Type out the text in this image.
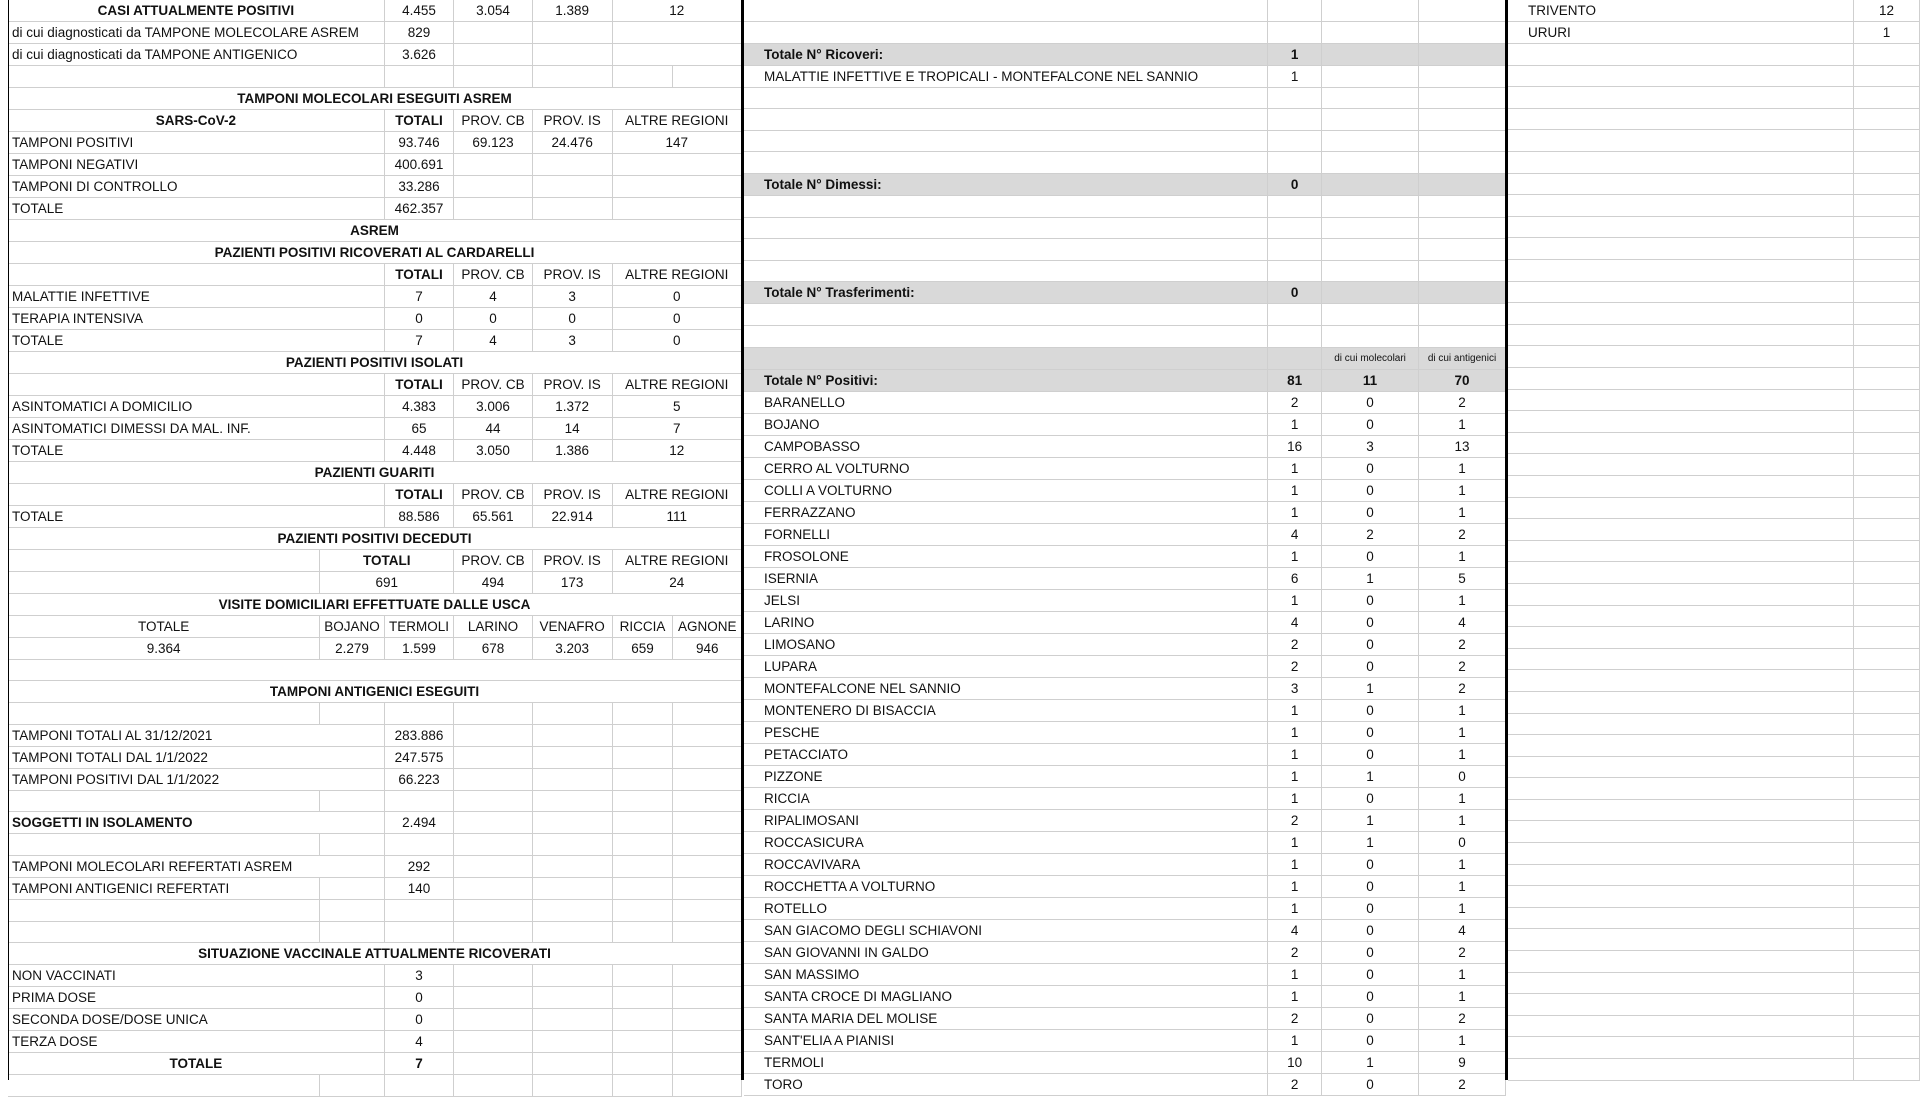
CASI ATTUALMENTE POSITIVI		4.455	3.054	1.389	12	
di cui diagnosticati da TAMPONE MOLECOLARE ASREM		829				
di cui diagnosticati da TAMPONE ANTIGENICO		3.626				

TAMPONI MOLECOLARI ESEGUITI ASREM						
SARS-CoV-2		TOTALI	PROV. CB	PROV. IS	ALTRE REGIONI	
TAMPONI POSITIVI		93.746	69.123	24.476	147	
TAMPONI NEGATIVI		400.691				
TAMPONI DI CONTROLLO		33.286				
TOTALE		462.357				
ASREM						
PAZIENTI POSITIVI RICOVERATI AL CARDARELLI						
		TOTALI	PROV. CB	PROV. IS	ALTRE REGIONI	
MALATTIE INFETTIVE		7	4	3	0	
TERAPIA INTENSIVA		0	0	0	0	
TOTALE		7	4	3	0	
PAZIENTI POSITIVI ISOLATI						
		TOTALI	PROV. CB	PROV. IS	ALTRE REGIONI	
ASINTOMATICI A DOMICILIO		4.383	3.006	1.372	5	
ASINTOMATICI DIMESSI DA MAL. INF.		65	44	14	7	
TOTALE		4.448	3.050	1.386	12	
PAZIENTI GUARITI						
		TOTALI	PROV. CB	PROV. IS	ALTRE REGIONI	
TOTALE		88.586	65.561	22.914	111	
PAZIENTI POSITIVI DECEDUTI						
	TOTALI		PROV. CB	PROV. IS	ALTRE REGIONI	
	691		494	173	24	
VISITE DOMICILIARI EFFETTUATE DALLE USCA						
TOTALE	BOJANO	TERMOLI	LARINO	VENAFRO	RICCIA	AGNONE
9.364	2.279	1.599	678	3.203	659	946

TAMPONI ANTIGENICI ESEGUITI						

TAMPONI TOTALI AL 31/12/2021		283.886				
TAMPONI TOTALI DAL 1/1/2022		247.575				
TAMPONI POSITIVI DAL 1/1/2022		66.223				

SOGGETTI IN ISOLAMENTO		2.494				

TAMPONI MOLECOLARI REFERTATI ASREM		292				
TAMPONI ANTIGENICI REFERTATI		140				

SITUAZIONE VACCINALE ATTUALMENTE RICOVERATI						
NON VACCINATI		3				
PRIMA DOSE		0				
SECONDA DOSE/DOSE UNICA		0				
TERZA DOSE		4				
TOTALE		7				

Totale N° Ricoveri:	1		
MALATTIE INFETTIVE E TROPICALI - MONTEFALCONE NEL SANNIO	1		

Totale N° Dimessi:	0		

Totale N° Trasferimenti:	0		

		di cui molecolari	di cui antigenici
Totale N° Positivi:	81	11	70
BARANELLO	2	0	2
BOJANO	1	0	1
CAMPOBASSO	16	3	13
CERRO AL VOLTURNO	1	0	1
COLLI A VOLTURNO	1	0	1
FERRAZZANO	1	0	1
FORNELLI	4	2	2
FROSOLONE	1	0	1
ISERNIA	6	1	5
JELSI	1	0	1
LARINO	4	0	4
LIMOSANO	2	0	2
LUPARA	2	0	2
MONTEFALCONE NEL SANNIO	3	1	2
MONTENERO DI BISACCIA	1	0	1
PESCHE	1	0	1
PETACCIATO	1	0	1
PIZZONE	1	1	0
RICCIA	1	0	1
RIPALIMOSANI	2	1	1
ROCCASICURA	1	1	0
ROCCAVIVARA	1	0	1
ROCCHETTA A VOLTURNO	1	0	1
ROTELLO	1	0	1
SAN GIACOMO DEGLI SCHIAVONI	4	0	4
SAN GIOVANNI IN GALDO	2	0	2
SAN MASSIMO	1	0	1
SANTA CROCE DI MAGLIANO	1	0	1
SANTA MARIA DEL MOLISE	2	0	2
SANT'ELIA A PIANISI	1	0	1
TERMOLI	10	1	9
TORO	2	0	2
TRIVENTO	12
URURI	1
